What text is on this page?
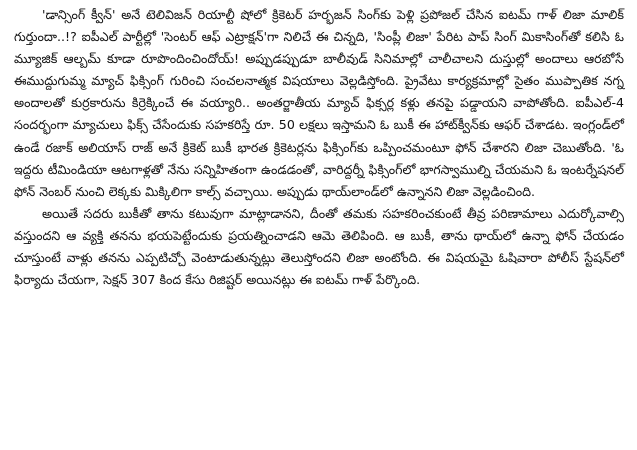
'డాన్సింగ్ క్వీన్' అనే టెలివిజన్ రియాల్టీ షోలో క్రికెటర్ హర్భజన్ సింగ్‌కు పెళ్లి ప్రపోజల్ చేసిన ఐటమ్ గాళ్ లిజా మాలిక్ గుర్తుందా..!? ఐపీఎల్ పార్టీల్లో 'సెంటర్ ఆఫ్ ఎట్రాక్షన్'గా నిలిచే ఈ చిన్నది, 'సింప్లీ లిజా' పేరిట పాప్ సింగ్ మికాసింగ్‌తో కలిసి ఓ మ్యూజిక్ ఆల్బమ్ కూడా రూపొందించిందోయ్! అప్పుడప్పుడూ బాలీవుడ్ సినిమాల్లో చాలీచాలని దుస్తుల్లో అందాలు ఆరబోసే ఈముద్దుగుమ్మ మ్యాచ్ ఫిక్సింగ్ గురించి సంచలనాత్మక విషయాలు వెల్లడిస్తోంది. ప్రైవేటు కార్యక్రమాల్లో సైతం ముప్పాతిక నగ్న అందాలతో కుర్రకారును కిర్రెక్కించే ఈ వయ్యారి.. అంతర్జాతీయ మ్యాచ్ ఫిక్సర్ల కళ్లు తనపై పడ్డాయని వాపోతోంది. ఐపీఎల్-4 సందర్భంగా మ్యాచులు ఫిక్స్ చేసేందుకు సహకరిస్తే రూ. 50 లక్షలు ఇస్తామని ఓ బుకీ ఈ హాట్‌క్వీన్‌కు ఆఫర్ చేశాడట. ఇంగ్లండ్‌లో ఉండే రజాక్ అలియాస్ రాజ్ అనే క్రికెట్ బుకీ భారత క్రికెటర్లను ఫిక్సింగ్‌కు ఒప్పించమంటూ ఫోన్ చేశారని లిజా చెబుతోంది. 'ఓ ఇద్దరు టీమిండియా ఆటగాళ్లతో నేను సన్నిహితంగా ఉండడంతో, వారిద్దర్నీ ఫిక్సింగ్‌లో భాగస్వాముల్ని చేయమని ఓ ఇంటర్నేషనల్ ఫోన్ నెంబర్ నుంచి లెక్కకు మిక్కిలిగా కాల్స్ వచ్చాయి. అప్పుడు థాయ్‌లాండ్‌లో ఉన్నానని లిజా వెల్లడించింది.

అయితే సదరు బుకీతో తాను కటువుగా మాట్లాడానని, దీంతో తమకు సహకరించకుంటే తీవ్ర పరిణామాలు ఎదుర్కోవాల్సి వస్తుందని ఆ వ్యక్తి తనను భయపెట్టేందుకు ప్రయత్నించాడని ఆమె తెలిపింది. ఆ బుకీ, తాను థాయ్‌లో ఉన్నా ఫోన్ చేయడం చూస్తుంటే వాళ్లు తనను ఎప్పటిచ్చో వెంటాడుతున్నట్లు తెలుస్తోందని లిజా అంటోంది. ఈ విషయమై ఓషివారా పోలీస్ స్టేషన్‌లో ఫిర్యాదు చేయగా, సెక్షన్ 307 కింద కేసు రిజిష్టర్ అయినట్లు ఈ ఐటమ్ గాళ్ పేర్కొంది.
